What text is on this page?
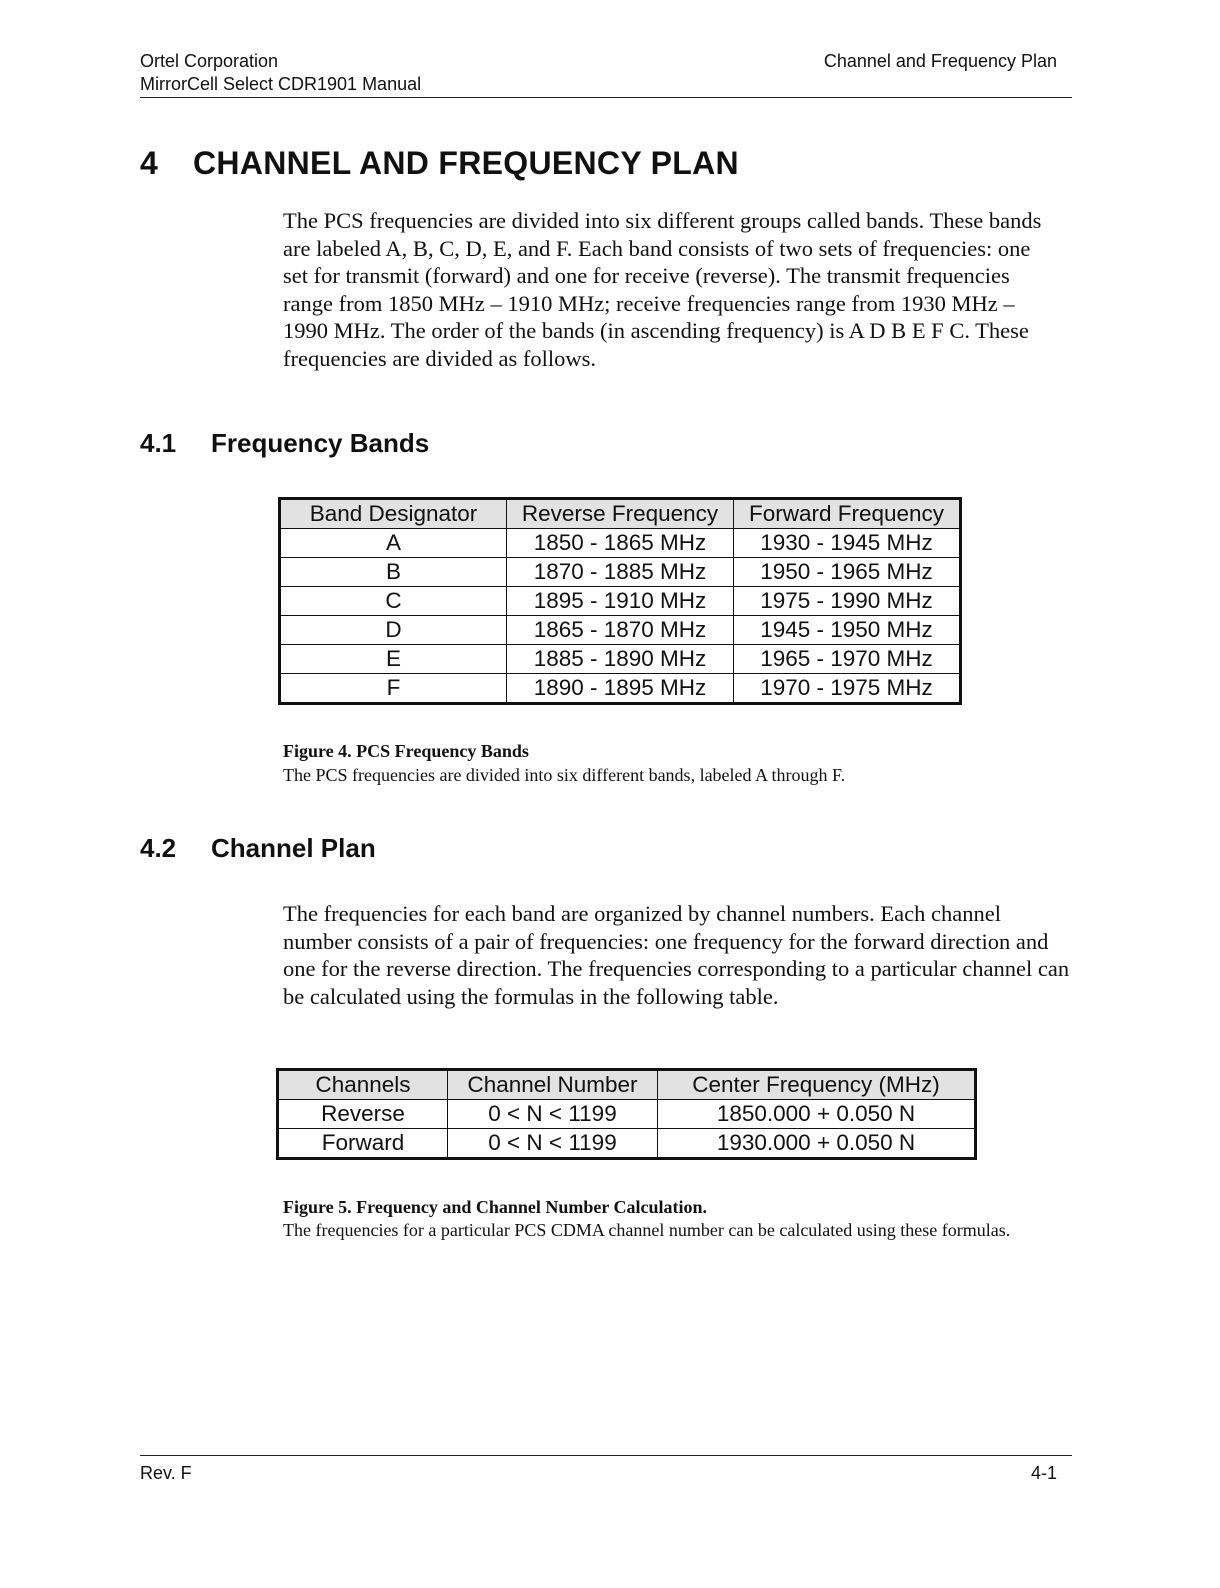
Ortel Corporation
MirrorCell Select CDR1901 Manual
Channel and Frequency Plan
4 CHANNEL AND FREQUENCY PLAN
The PCS frequencies are divided into six different groups called bands. These bands are labeled A, B, C, D, E, and F. Each band consists of two sets of frequencies: one set for transmit (forward) and one for receive (reverse). The transmit frequencies range from 1850 MHz – 1910 MHz; receive frequencies range from 1930 MHz – 1990 MHz. The order of the bands (in ascending frequency) is A D B E F C. These frequencies are divided as follows.
4.1 Frequency Bands
Band Designator	Reverse Frequency	Forward Frequency
A	1850 - 1865 MHz	1930 - 1945 MHz
B	1870 - 1885 MHz	1950 - 1965 MHz
C	1895 - 1910 MHz	1975 - 1990 MHz
D	1865 - 1870 MHz	1945 - 1950 MHz
E	1885 - 1890 MHz	1965 - 1970 MHz
F	1890 - 1895 MHz	1970 - 1975 MHz
Figure 4. PCS Frequency Bands
The PCS frequencies are divided into six different bands, labeled A through F.
4.2 Channel Plan
The frequencies for each band are organized by channel numbers. Each channel number consists of a pair of frequencies: one frequency for the forward direction and one for the reverse direction. The frequencies corresponding to a particular channel can be calculated using the formulas in the following table.
Channels	Channel Number	Center Frequency (MHz)
Reverse	0 < N < 1199	1850.000 + 0.050 N
Forward	0 < N < 1199	1930.000 + 0.050 N
Figure 5. Frequency and Channel Number Calculation.
The frequencies for a particular PCS CDMA channel number can be calculated using these formulas.
Rev. F	4-1
